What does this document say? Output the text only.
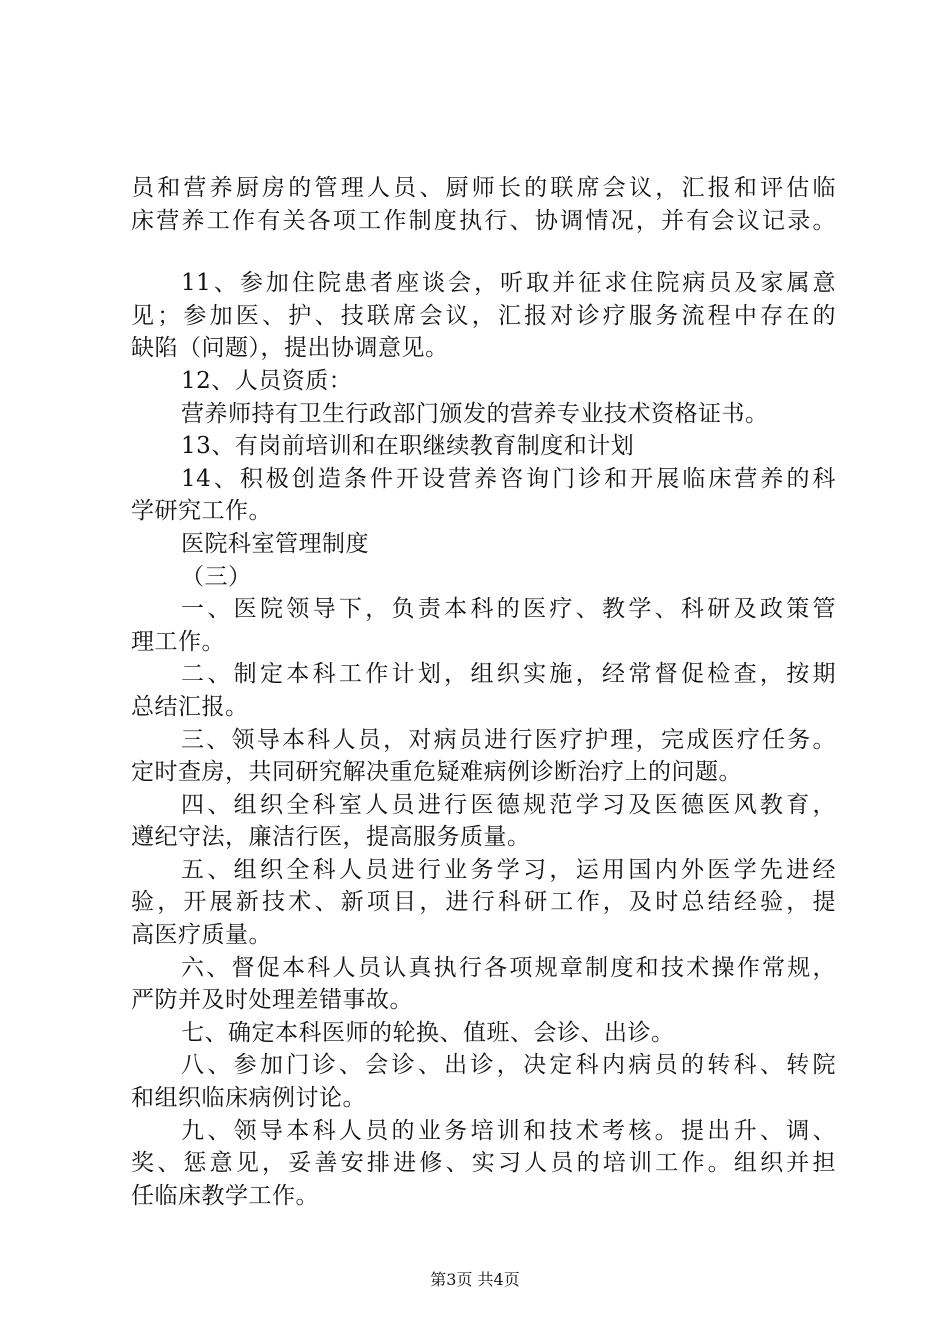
员和营养厨房的管理人员、厨师长的联席会议，汇报和评估临
床营养工作有关各项工作制度执行、协调情况，并有会议记录。
11、参加住院患者座谈会，听取并征求住院病员及家属意
见；参加医、护、技联席会议，汇报对诊疗服务流程中存在的
缺陷（问题），提出协调意见。
12、人员资质：
营养师持有卫生行政部门颁发的营养专业技术资格证书。
13、有岗前培训和在职继续教育制度和计划
14、积极创造条件开设营养咨询门诊和开展临床营养的科
学研究工作。
医院科室管理制度
（三）
一、医院领导下，负责本科的医疗、教学、科研及政策管
理工作。
二、制定本科工作计划，组织实施，经常督促检查，按期
总结汇报。
三、领导本科人员，对病员进行医疗护理，完成医疗任务。
定时查房，共同研究解决重危疑难病例诊断治疗上的问题。
四、组织全科室人员进行医德规范学习及医德医风教育，
遵纪守法，廉洁行医，提高服务质量。
五、组织全科人员进行业务学习，运用国内外医学先进经
验，开展新技术、新项目，进行科研工作，及时总结经验，提
高医疗质量。
六、督促本科人员认真执行各项规章制度和技术操作常规，
严防并及时处理差错事故。
七、确定本科医师的轮换、值班、会诊、出诊。
八、参加门诊、会诊、出诊，决定科内病员的转科、转院
和组织临床病例讨论。
九、领导本科人员的业务培训和技术考核。提出升、调、
奖、惩意见，妥善安排进修、实习人员的培训工作。组织并担
任临床教学工作。
第3页 共4页
